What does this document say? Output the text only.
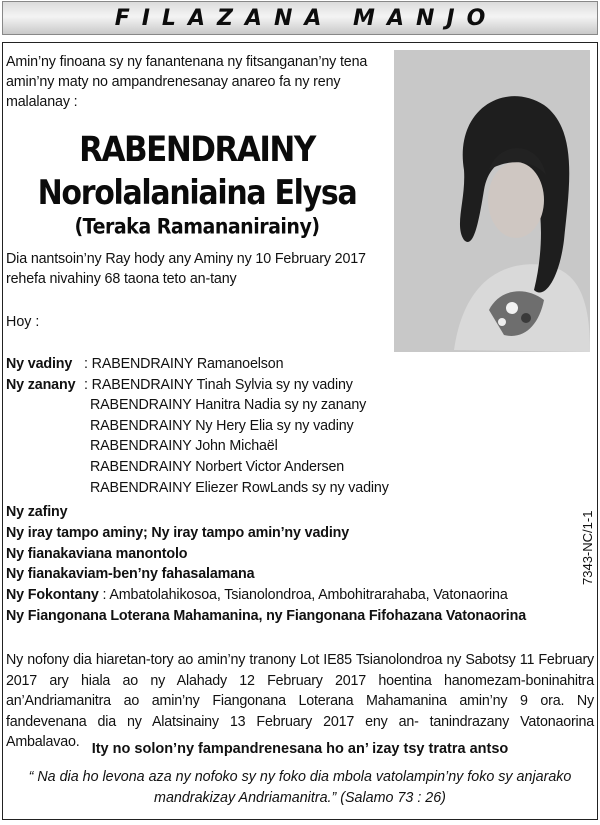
FILAZANA MANJO
Amin’ny finoana sy ny fanantenana ny fitsanganan’ny tena amin’ny maty no ampandrenesanay anareo fa ny reny malalanay :
RABENDRAINY
Norolalaniaina Elysa
(Teraka Ramananirainy)
Dia nantsoin’ny Ray hody any Aminy ny 10 February 2017 rehefa nivahiny 68 taona teto an-tany
Hoy :
Ny vadiny : RABENDRAINY Ramanoelson
Ny zanany : RABENDRAINY Tinah Sylvia sy ny vadiny
RABENDRAINY Hanitra Nadia sy ny zanany
RABENDRAINY Ny Hery Elia sy ny vadiny
RABENDRAINY John Michaël
RABENDRAINY Norbert Victor Andersen
RABENDRAINY Eliezer RowLands sy ny vadiny
Ny zafiny
Ny iray tampo aminy; Ny iray tampo amin’ny vadiny
Ny fianakaviana manontolo
Ny fianakaviam-ben’ny fahasalamana
Ny Fokontany : Ambatolahikosoa, Tsianolondroa, Ambohitrarahaba, Vatonaorina
Ny Fiangonana Loterana Mahamanina, ny Fiangonana Fifohazana Vatonaorina
7343-NC/1-1
Ny nofony dia hiaretan-tory ao amin’ny tranony Lot IE85 Tsianolondroa ny Sabotsy 11 February 2017 ary hiala ao ny Alahady 12 February 2017 hoentina hanomezam-boninahitra an’Andriamanitra ao amin’ny Fiangonana Loterana Mahamanina amin’ny 9 ora. Ny fandevenana dia ny Alatsinainy 13 February 2017 eny an- tanindrazany Vatonaorina Ambalavao. Ity no solon’ny fampandrenesana ho an’ izay tsy tratra antso
“ Na dia ho levona aza ny nofoko sy ny foko dia mbola vatolampin’ny foko sy anjarako mandrakizay Andriamanitra.” (Salamo 73 : 26)
